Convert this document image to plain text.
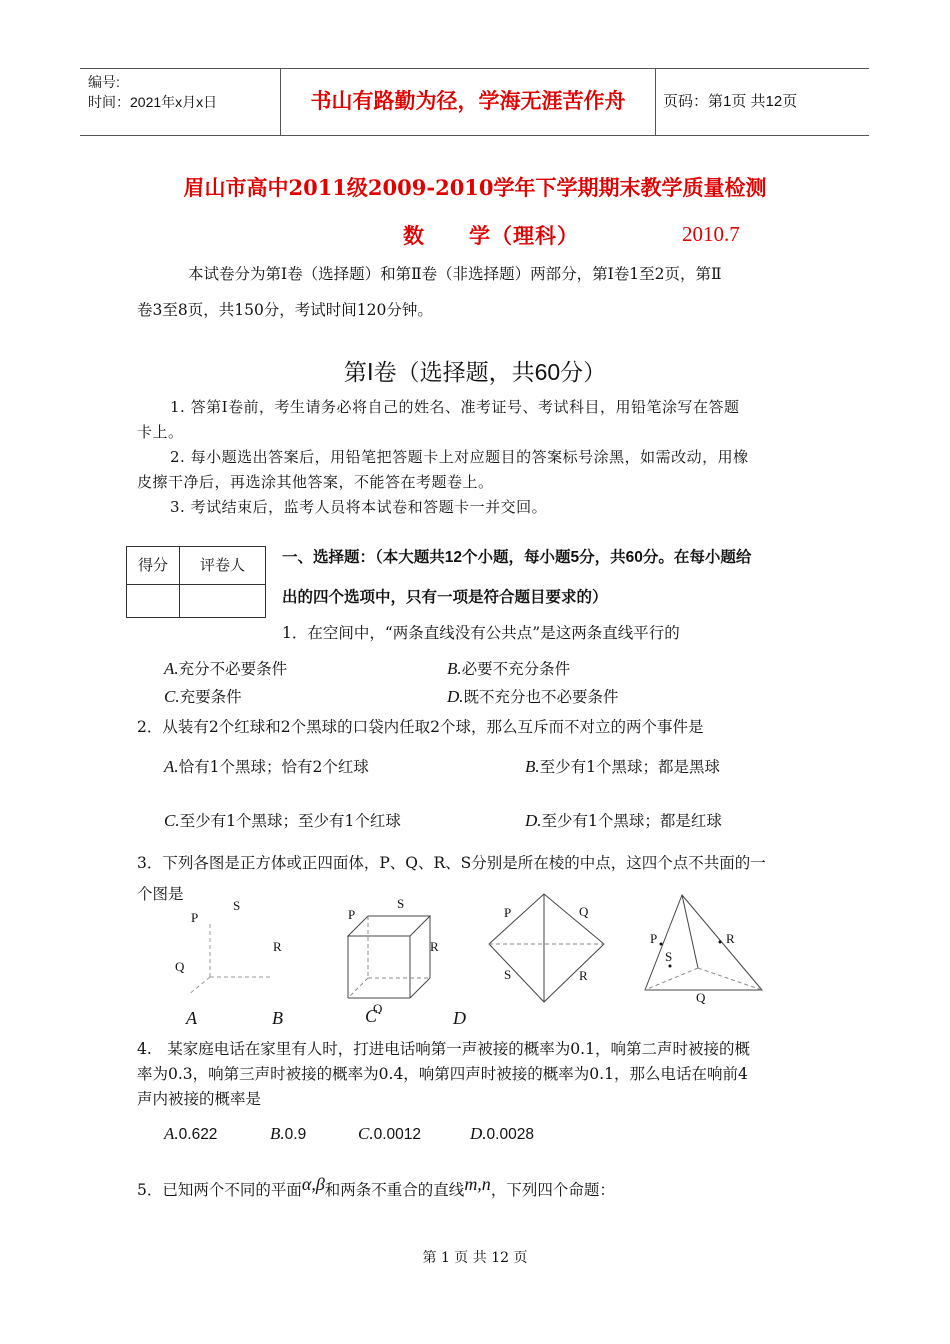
编号:
时间：2021年x月x日	书山有路勤为径，学海无涯苦作舟	页码：第1页 共12页
眉山市高中2011级2009-2010学年下学期期末教学质量检测
数　　学（理科）	2010.7
本试卷分为第Ⅰ卷（选择题）和第Ⅱ卷（非选择题）两部分，第Ⅰ卷1至2页，第Ⅱ
卷3至8页，共150分，考试时间120分钟。
第Ⅰ卷（选择题，共60分）
1. 答第Ⅰ卷前，考生请务必将自己的姓名、准考证号、考试科目，用铅笔涂写在答题
卡上。
2. 每小题选出答案后，用铅笔把答题卡上对应题目的答案标号涂黑，如需改动，用橡
皮擦干净后，再选涂其他答案，不能答在考题卷上。
3. 考试结束后，监考人员将本试卷和答题卡一并交回。
得分	评卷人	一、选择题：（本大题共12个小题，每小题5分，共60分。在每小题给
出的四个选项中，只有一项是符合题目要求的）
1．在空间中，“两条直线没有公共点”是这两条直线平行的
A.充分不必要条件	B.必要不充分条件
C.充要条件	D.既不充分也不必要条件
2．从装有2个红球和2个黑球的口袋内任取2个球，那么互斥而不对立的两个事件是
A.恰有1个黑球；恰有2个红球	B.至少有1个黑球；都是黑球
C.至少有1个黑球；至少有1个红球	D.至少有1个黑球；都是红球
3．下列各图是正方体或正四面体，P、Q、R、S分别是所在棱的中点，这四个点不共面的一
个图是
P
S
R
Q
P
S
R
Q
P	Q
S	R
P	R
S
Q
A	B	C	D
4.　某家庭电话在家里有人时，打进电话响第一声被接的概率为0.1，响第二声时被接的概
率为0.3，响第三声时被接的概率为0.4，响第四声时被接的概率为0.1，那么电话在响前4
声内被接的概率是
A.0.622	B.0.9	C.0.0012	D.0.0028
5．已知两个不同的平面α,β和两条不重合的直线m,n，下列四个命题：
第 1 页 共 12 页
